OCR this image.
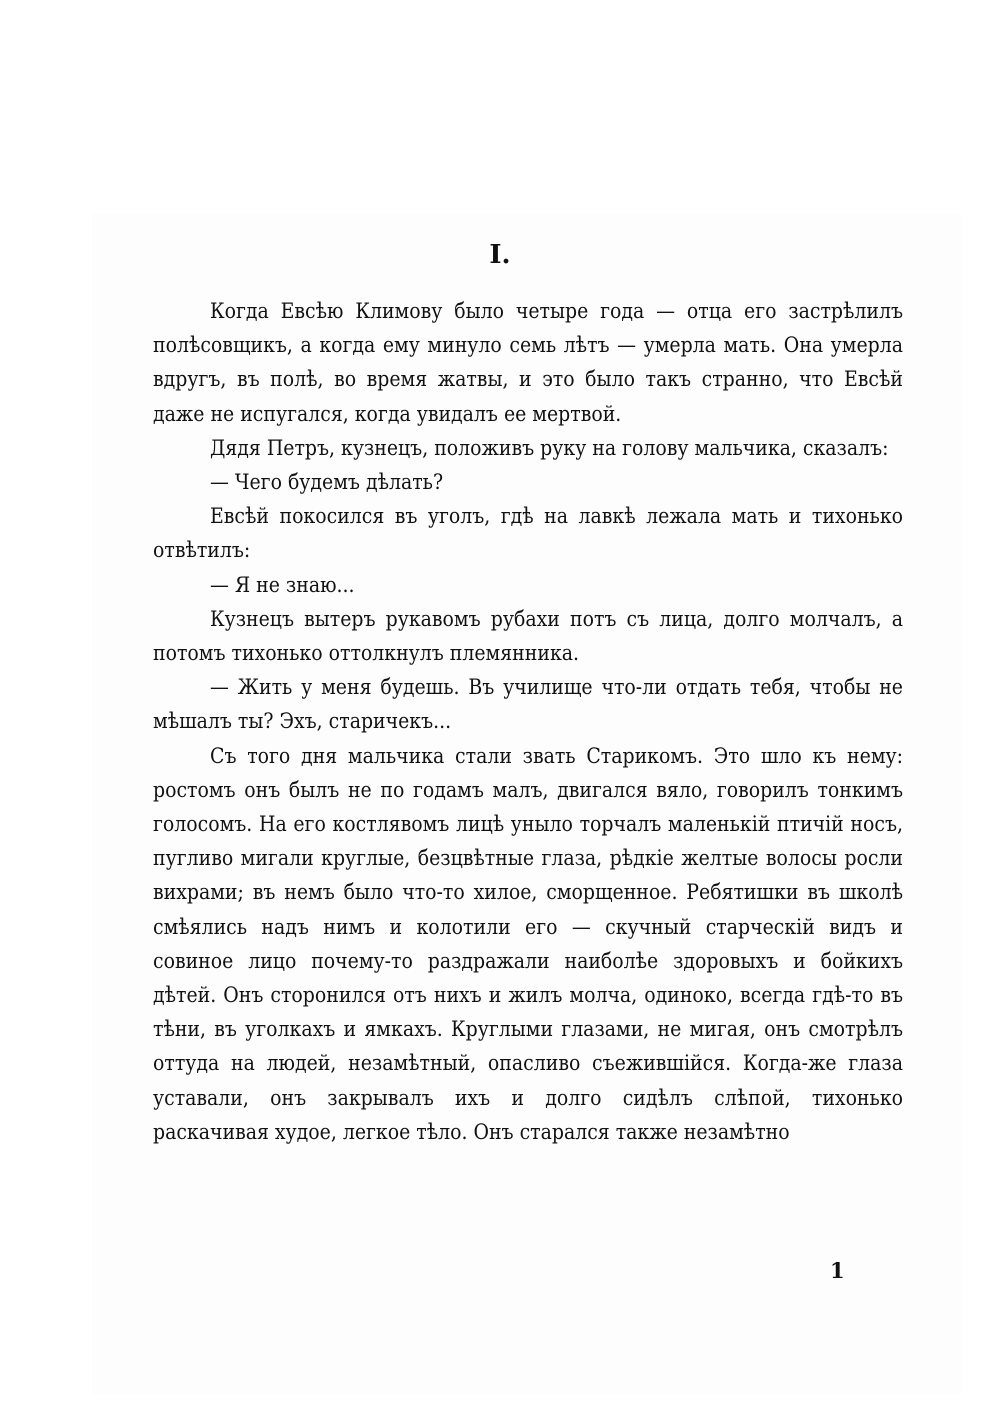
I.

Когда Евсѣю Климову было четыре года — отца его застрѣлилъ полѣсовщикъ, а когда ему минуло семь лѣтъ — умерла мать. Она умерла вдругъ, въ полѣ, во время жатвы, и это было такъ странно, что Евсѣй даже не испугался, когда увидалъ ее мертвой.

Дядя Петръ, кузнецъ, положивъ руку на голову мальчика, сказалъ:

— Чего будемъ дѣлать?

Евсѣй покосился въ уголъ, гдѣ на лавкѣ лежала мать и тихонько отвѣтилъ:

— Я не знаю...

Кузнецъ вытеръ рукавомъ рубахи потъ съ лица, долго молчалъ, а потомъ тихонько оттолкнулъ племянника.

— Жить у меня будешь. Въ училище что-ли отдать тебя, чтобы не мѣшалъ ты? Эхъ, старичекъ...

Съ того дня мальчика стали звать Старикомъ. Это шло къ нему: ростомъ онъ былъ не по годамъ малъ, двигался вяло, говорилъ тонкимъ голосомъ. На его костлявомъ лицѣ уныло торчалъ маленькій птичій носъ, пугливо мигали круглые, безцвѣтные глаза, рѣдкіе желтые волосы росли вихрами; въ немъ было что-то хилое, сморщенное. Ребятишки въ школѣ смѣялись надъ нимъ и колотили его — скучный старческій видъ и совиное лицо почему-то раздражали наиболѣе здоровыхъ и бойкихъ дѣтей. Онъ сторонился отъ нихъ и жилъ молча, одиноко, всегда гдѣ-то въ тѣни, въ уголкахъ и ямкахъ. Круглыми глазами, не мигая, онъ смотрѣлъ оттуда на людей, незамѣтный, опасливо съежившійся. Когда-же глаза уставали, онъ закрывалъ ихъ и долго сидѣлъ слѣпой, тихонько раскачивая худое, легкое тѣло. Онъ старался также незамѣтно

1
